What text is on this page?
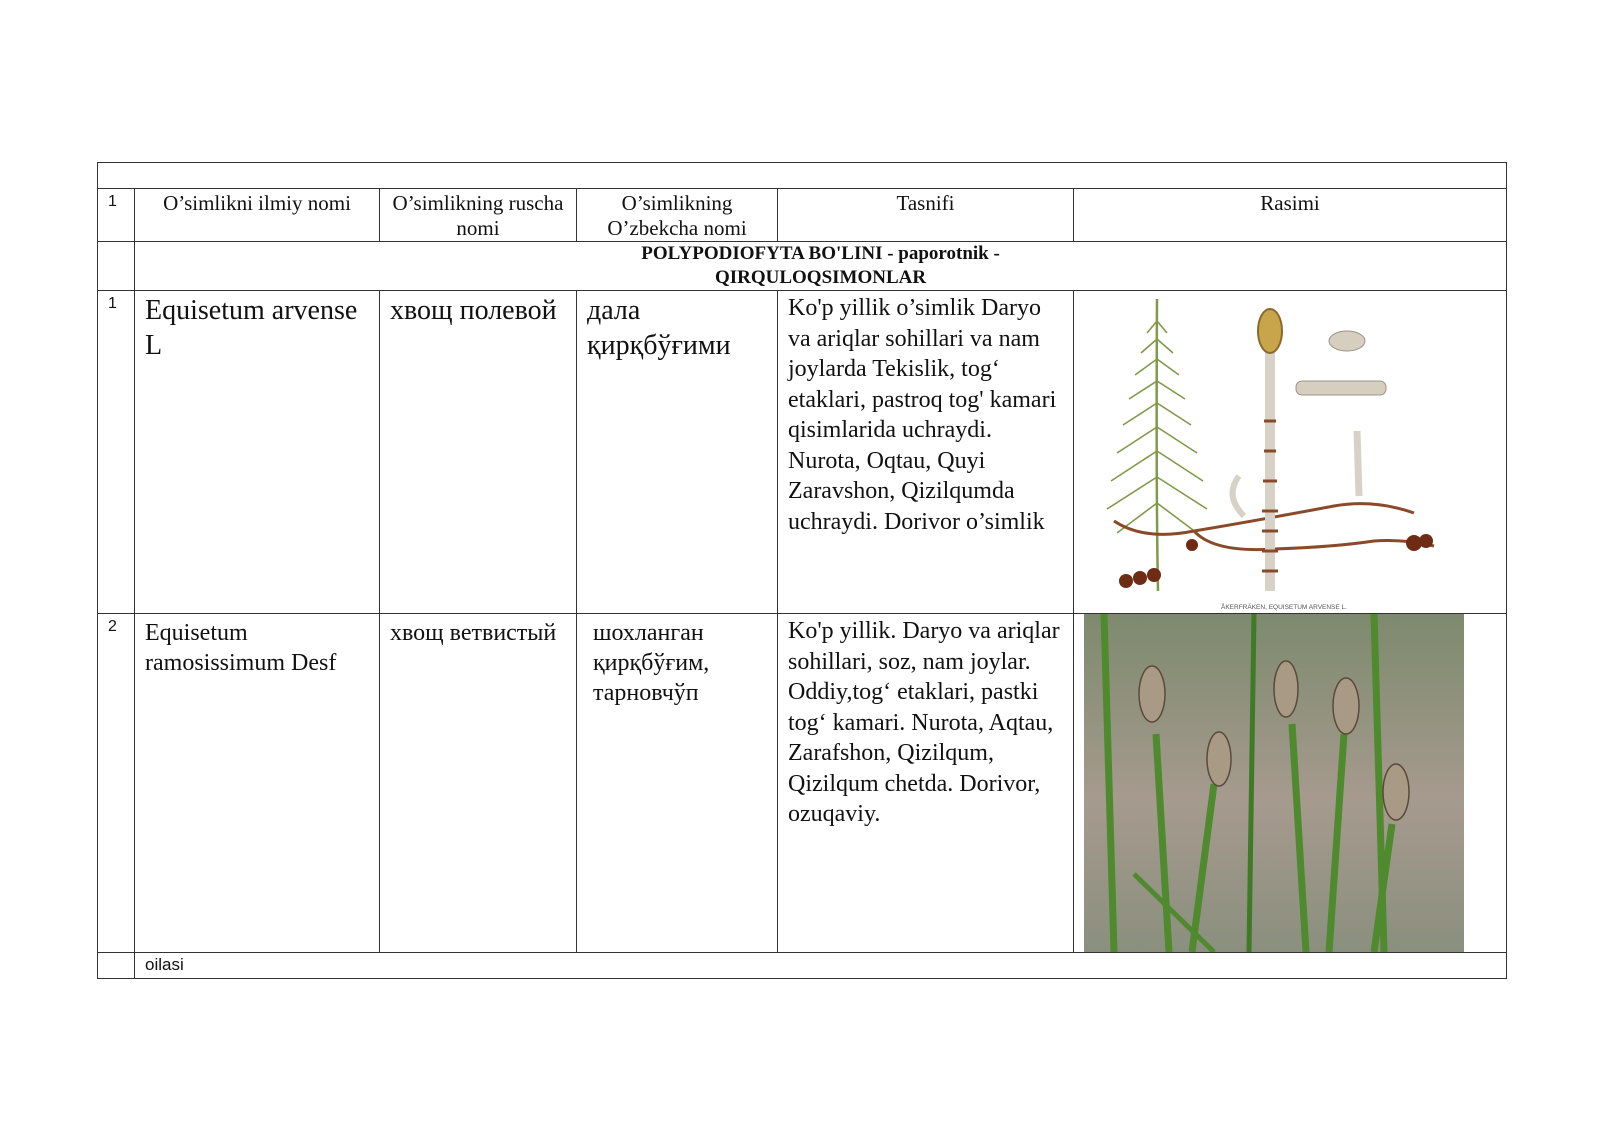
1	O’simlikni ilmiy nomi	O’simlikning ruscha nomi	O’simlikning O’zbekcha nomi	Tasnifi	Rasimi

	POLYPODIOFYTA BO'LINI - paporotnik -
QIRQULOQSIMONLAR				

1	Equisetum arvense L	хвощ полевой	дала қирқбўғими	Ko'p yillik o’simlik Daryo va ariqlar sohillari va nam joylarda Tekislik, tog‘ etaklari, pastroq tog' kamari qisimlarida uchraydi. Nurota, Oqtau, Quyi Zaravshon, Qizilqumda uchraydi. Dorivor o’simlik	ÅKERFRÄKEN, EQUISETUM ARVENSE L.

2	Equisetum ramosissimum Desf	хвощ ветвистый	шохланган қирқбўғим, тарновчўп	Ko'p yillik. Daryo va ariqlar sohillari, soz, nam joylar. Oddiy,tog‘ etaklari, pastki tog‘ kamari. Nurota, Aqtau, Zarafshon, Qizilqum, Qizilqum chetda. Dorivor, ozuqaviy.	

	oilasi				
